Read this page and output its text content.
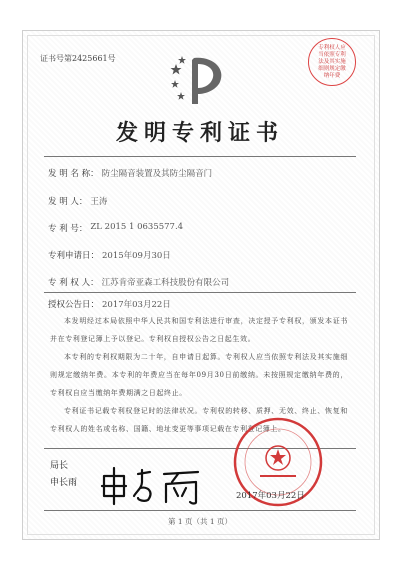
证书号第2425661号
专利权人应当依照专利法及其实施细则规定缴纳年费
发明专利证书
发 明 名 称： 防尘隔音装置及其防尘隔音门
发 明 人： 王涛
专 利 号： ZL 2015 1 0635577.4
专利申请日： 2015年09月30日
专 利 权 人： 江苏肯帝亚森工科技股份有限公司
授权公告日： 2017年03月22日

本发明经过本局依照中华人民共和国专利法进行审查，决定授予专利权，颁发本证书并在专利登记簿上予以登记。专利权自授权公告之日起生效。

本专利的专利权期限为二十年，自申请日起算。专利权人应当依照专利法及其实施细则规定缴纳年费。本专利的年费应当在每年09月30日前缴纳。未按照规定缴纳年费的，专利权自应当缴纳年费期满之日起终止。

专利证书记载专利权登记时的法律状况。专利权的转移、质押、无效、终止、恢复和专利权人的姓名或名称、国籍、地址变更等事项记载在专利登记簿上。

局长
申长雨
2017年03月22日
第 1 页（共 1 页）
